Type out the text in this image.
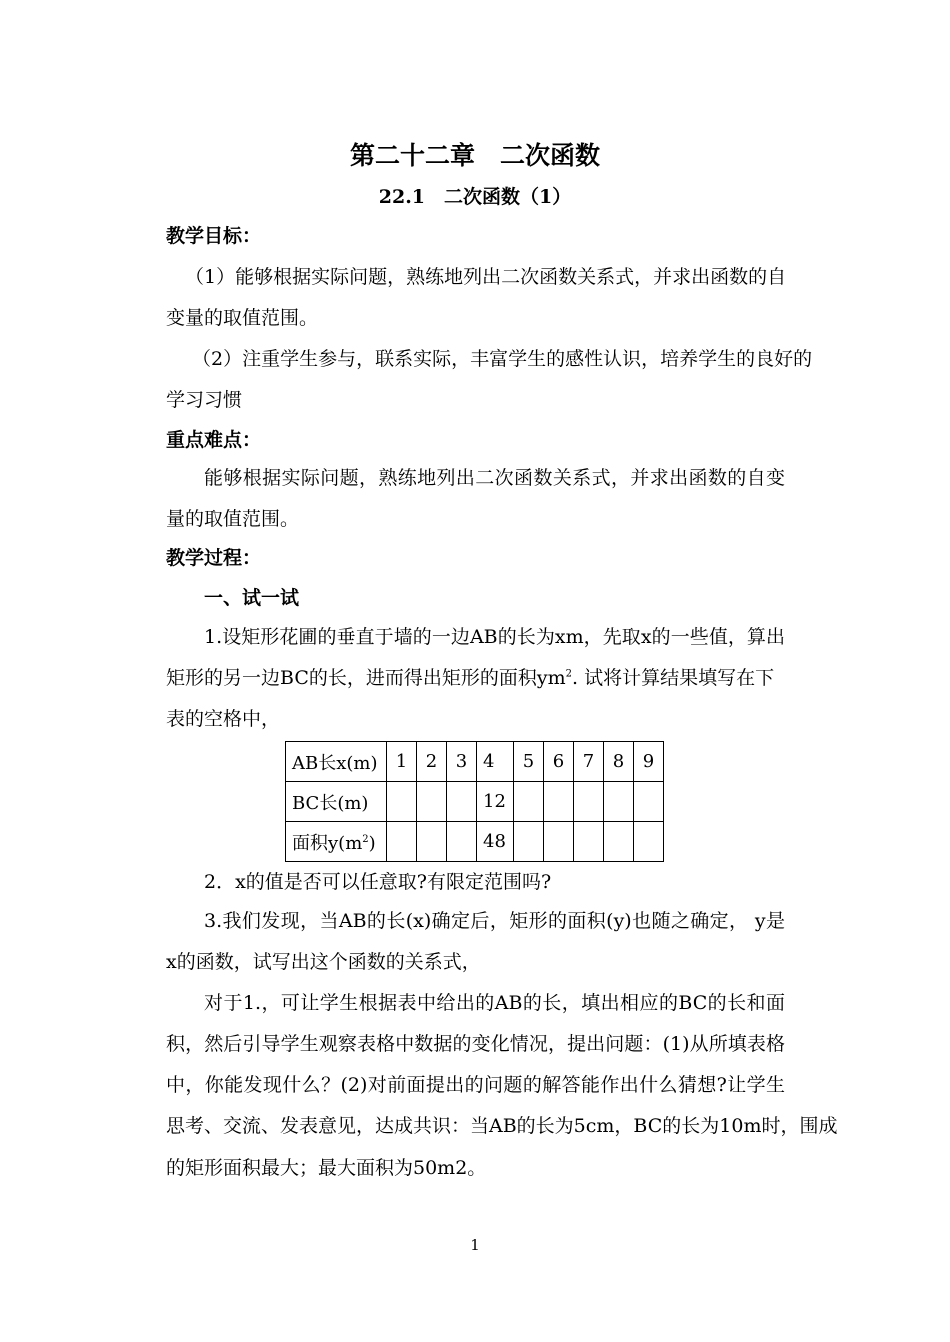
第二十二章　二次函数
22.1　二次函数（1）
教学目标：
（1）能够根据实际问题，熟练地列出二次函数关系式，并求出函数的自
变量的取值范围。
（2）注重学生参与，联系实际，丰富学生的感性认识，培养学生的良好的
学习习惯
重点难点：
能够根据实际问题，熟练地列出二次函数关系式，并求出函数的自变
量的取值范围。
教学过程：
一、试一试
1.设矩形花圃的垂直于墙的一边AB的长为xm，先取x的一些值，算出
矩形的另一边BC的长，进而得出矩形的面积$ym^2$. 试将计算结果填写在下
表的空格中，
AB长x(m)	1	2	3	4	5	6	7	8	9
BC长(m)				12					
面积$y(m^2)$				48					
2．x的值是否可以任意取?有限定范围吗?
3.我们发现，当AB的长(x)确定后，矩形的面积(y)也随之确定， y是
x的函数，试写出这个函数的关系式，
对于1.，可让学生根据表中给出的AB的长，填出相应的BC的长和面
积，然后引导学生观察表格中数据的变化情况，提出问题：(1)从所填表格
中，你能发现什么？(2)对前面提出的问题的解答能作出什么猜想?让学生
思考、交流、发表意见，达成共识：当AB的长为5cm，BC的长为10m时，围成
的矩形面积最大；最大面积为50m2。
1
